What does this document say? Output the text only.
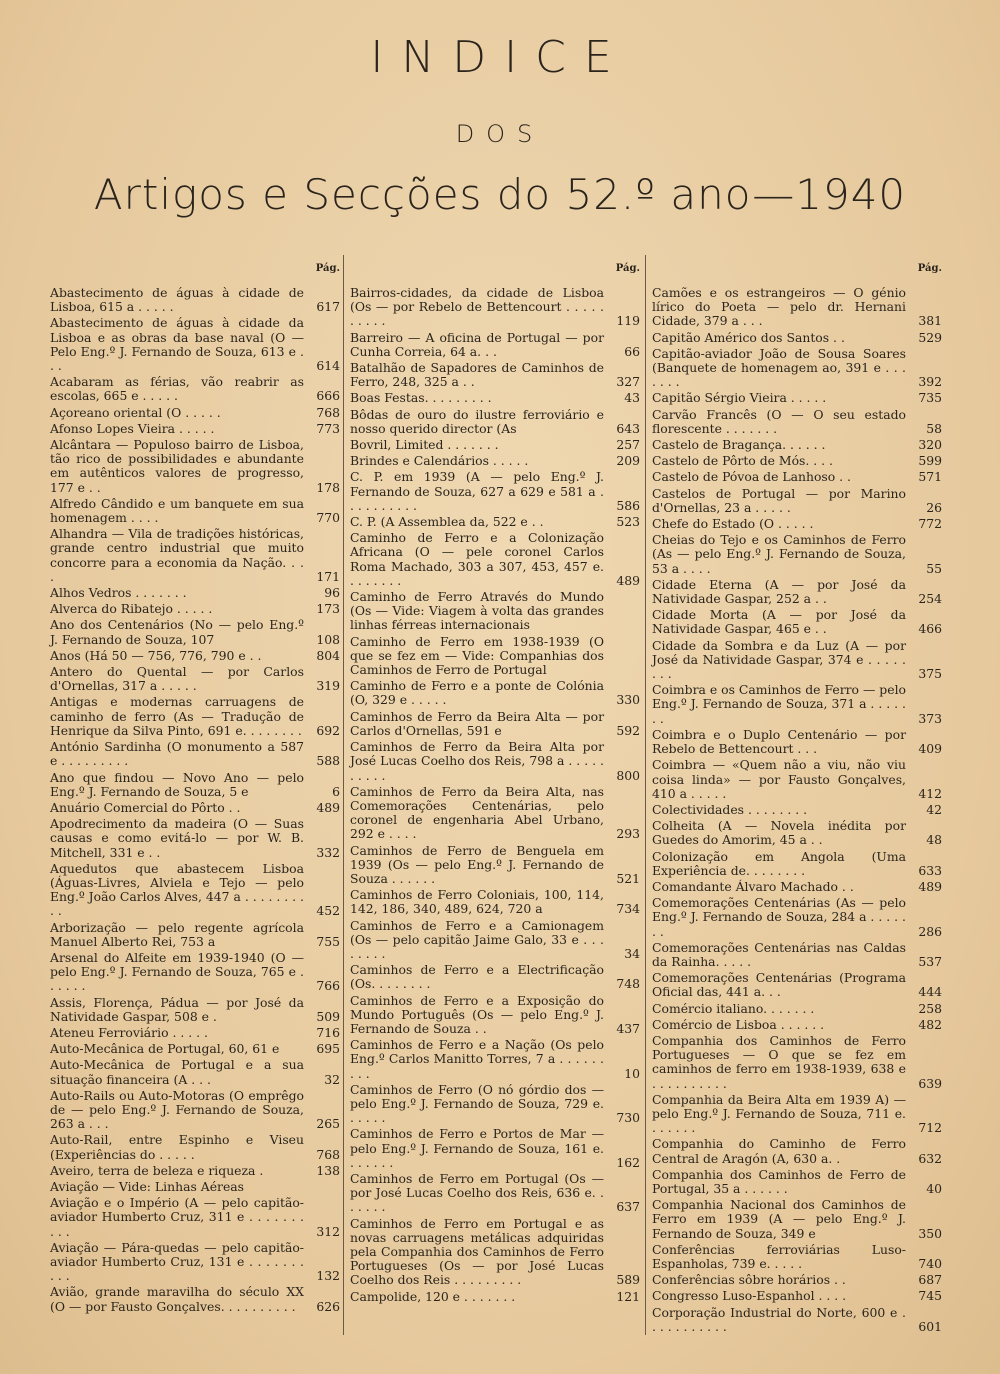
INDICE
DOS
Artigos e Secções do 52.º ano—1940
Pág.
Abastecimento de águas à cidade de Lisboa, 615 a . . . . .	617
Abastecimento de águas à cidade da Lisboa e as obras da base naval (O — Pelo Eng.º J. Fernando de Souza, 613 e . . .	614
Acabaram as férias, vão reabrir as escolas, 665 e . . . . .	666
Açoreano oriental (O . . . . .	768
Afonso Lopes Vieira . . . . .	773
Alcântara — Populoso bairro de Lisboa, tão rico de possibilidades e abundante em autênticos valores de progresso, 177 e . .	178
Alfredo Cândido e um banquete em sua homenagem . . . .	770
Alhandra — Vila de tradições históricas, grande centro industrial que muito concorre para a economia da Nação. . . .	171
Alhos Vedros . . . . . . .	96
Alverca do Ribatejo . . . . .	173
Ano dos Centenários (No — pelo Eng.º J. Fernando de Souza, 107	108
Anos (Há 50 — 756, 776, 790 e . .	804
Antero do Quental — por Carlos d'Ornellas, 317 a . . . . .	319
Antigas e modernas carruagens de caminho de ferro (As — Tradução de Henrique da Silva Pinto, 691 e. . . . . . . .	692
António Sardinha (O monumento a 587 e . . . . . . . . .	588
Ano que findou — Novo Ano — pelo Eng.º J. Fernando de Souza, 5 e	6
Anuário Comercial do Pôrto . .	489
Apodrecimento da madeira (O — Suas causas e como evitá-lo — por W. B. Mitchell, 331 e . .	332
Aquedutos que abastecem Lisboa (Águas-Livres, Alviela e Tejo — pelo Eng.º João Carlos Alves, 447 a . . . . . . . . . .	452
Arborização — pelo regente agrícola Manuel Alberto Rei, 753 a	755
Arsenal do Alfeite em 1939-1940 (O — pelo Eng.º J. Fernando de Souza, 765 e . . . . . .	766
Assis, Florença, Pádua — por José da Natividade Gaspar, 508 e .	509
Ateneu Ferroviário . . . . .	716
Auto-Mecânica de Portugal, 60, 61 e	695
Auto-Mecânica de Portugal e a sua situação financeira (A . . .	32
Auto-Rails ou Auto-Motoras (O emprêgo de — pelo Eng.º J. Fernando de Souza, 263 a . . .	265
Auto-Rail, entre Espinho e Viseu (Experiências do . . . . .	768
Aveiro, terra de beleza e riqueza .	138
Aviação — Vide: Linhas Aéreas
Aviação e o Império (A — pelo capitão-aviador Humberto Cruz, 311 e . . . . . . . . . .	312
Aviação — Pára-quedas — pelo capitão-aviador Humberto Cruz, 131 e . . . . . . . . . .	132
Avião, grande maravilha do século XX (O — por Fausto Gonçalves. . . . . . . . . .	626
Pág.
Bairros-cidades, da cidade de Lisboa (Os — por Rebelo de Bettencourt . . . . . . . . . .	119
Barreiro — A oficina de Portugal — por Cunha Correia, 64 a. . .	66
Batalhão de Sapadores de Caminhos de Ferro, 248, 325 a . .	327
Boas Festas. . . . . . . . .	43
Bôdas de ouro do ilustre ferroviário e nosso querido director (As	643
Bovril, Limited . . . . . . .	257
Brindes e Calendários . . . . .	209
C. P. em 1939 (A — pelo Eng.º J. Fernando de Souza, 627 a 629 e 581 a . . . . . . . . . .	586
C. P. (A Assemblea da, 522 e . .	523
Caminho de Ferro e a Colonização Africana (O — pele coronel Carlos Roma Machado, 303 a 307, 453, 457 e. . . . . . . .	489
Caminho de Ferro Através do Mundo (Os — Vide: Viagem à volta das grandes linhas férreas internacionais
Caminho de Ferro em 1938-1939 (O que se fez em — Vide: Companhias dos Caminhos de Ferro de Portugal
Caminho de Ferro e a ponte de Colónia (O, 329 e . . . . .	330
Caminhos de Ferro da Beira Alta — por Carlos d'Ornellas, 591 e	592
Caminhos de Ferro da Beira Alta por José Lucas Coelho dos Reis, 798 a . . . . . . . . . .	800
Caminhos de Ferro da Beira Alta, nas Comemorações Centenárias, pelo coronel de engenharia Abel Urbano, 292 e . . . .	293
Caminhos de Ferro de Benguela em 1939 (Os — pelo Eng.º J. Fernando de Souza . . . . . .	521
Caminhos de Ferro Coloniais, 100, 114, 142, 186, 340, 489, 624, 720 a	734
Caminhos de Ferro e a Camionagem (Os — pelo capitão Jaime Galo, 33 e . . . . . . . .	34
Caminhos de Ferro e a Electrificação (Os. . . . . . . .	748
Caminhos de Ferro e a Exposição do Mundo Português (Os — pelo Eng.º J. Fernando de Souza . .	437
Caminhos de Ferro e a Nação (Os pelo Eng.º Carlos Manitto Torres, 7 a . . . . . . . . .	10
Caminhos de Ferro (O nó górdio dos — pelo Eng.º J. Fernando de Souza, 729 e. . . . . .	730
Caminhos de Ferro e Portos de Mar — pelo Eng.º J. Fernando de Souza, 161 e. . . . . . .	162
Caminhos de Ferro em Portugal (Os — por José Lucas Coelho dos Reis, 636 e. . . . . . .	637
Caminhos de Ferro em Portugal e as novas carruagens metálicas adquiridas pela Companhia dos Caminhos de Ferro Portugueses (Os — por José Lucas Coelho dos Reis . . . . . . . . .	589
Campolide, 120 e . . . . . . .	121
Pág.
Camões e os estrangeiros — O génio lírico do Poeta — pelo dr. Hernani Cidade, 379 a . . .	381
Capitão Américo dos Santos . .	529
Capitão-aviador João de Sousa Soares (Banquete de homenagem ao, 391 e . . . . . . .	392
Capitão Sérgio Vieira . . . . .	735
Carvão Francês (O — O seu estado florescente . . . . . . .	58
Castelo de Bragança. . . . . .	320
Castelo de Pôrto de Mós. . . .	599
Castelo de Póvoa de Lanhoso . .	571
Castelos de Portugal — por Marino d'Ornellas, 23 a . . . . .	26
Chefe do Estado (O . . . . .	772
Cheias do Tejo e os Caminhos de Ferro (As — pelo Eng.º J. Fernando de Souza, 53 a . . . .	55
Cidade Eterna (A — por José da Natividade Gaspar, 252 a . .	254
Cidade Morta (A — por José da Natividade Gaspar, 465 e . .	466
Cidade da Sombra e da Luz (A — por José da Natividade Gaspar, 374 e . . . . . . . .	375
Coimbra e os Caminhos de Ferro — pelo Eng.º J. Fernando de Souza, 371 a . . . . . . .	373
Coimbra e o Duplo Centenário — por Rebelo de Bettencourt . . .	409
Coimbra — «Quem não a viu, não viu coisa linda» — por Fausto Gonçalves, 410 a . . . . .	412
Colectividades . . . . . . . .	42
Colheita (A — Novela inédita por Guedes do Amorim, 45 a . .	48
Colonização em Angola (Uma Experiência de. . . . . . . .	633
Comandante Álvaro Machado . .	489
Comemorações Centenárias (As — pelo Eng.º J. Fernando de Souza, 284 a . . . . . . .	286
Comemorações Centenárias nas Caldas da Rainha. . . . .	537
Comemorações Centenárias (Programa Oficial das, 441 a. . .	444
Comércio italiano. . . . . . .	258
Comércio de Lisboa . . . . . .	482
Companhia dos Caminhos de Ferro Portugueses — O que se fez em caminhos de ferro em 1938-1939, 638 e . . . . . . . . . .	639
Companhia da Beira Alta em 1939 A) — pelo Eng.º J. Fernando de Souza, 711 e. . . . . . .	712
Companhia do Caminho de Ferro Central de Aragón (A, 630 a. .	632
Companhia dos Caminhos de Ferro de Portugal, 35 a . . . . . .	40
Companhia Nacional dos Caminhos de Ferro em 1939 (A — pelo Eng.º J. Fernando de Souza, 349 e	350
Conferências ferroviárias Luso-Espanholas, 739 e. . . . .	740
Conferências sôbre horários . .	687
Congresso Luso-Espanhol . . . .	745
Corporação Industrial do Norte, 600 e . . . . . . . . . . .	601
